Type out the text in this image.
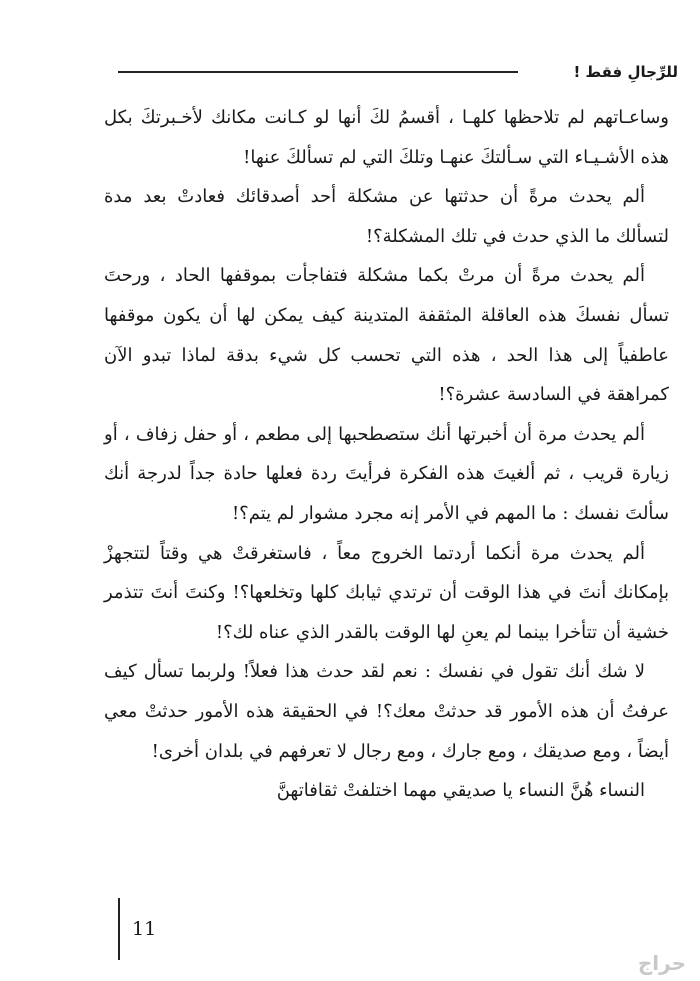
للرِّجالِ فقط !

وساعـاتهم لم تلاحظها كلهـا ، أقسمُ لكَ أنها لو كـانت مكانك لأخـبرتكَ بكل هذه الأشـيـاء التي سـألتكَ عنهـا وتلكَ التي لم تسألكَ عنها!

ألم يحدث مرةً أن حدثتها عن مشكلة أحد أصدقائك فعادتْ بعد مدة لتسألك ما الذي حدث في تلك المشكلة؟!

ألم يحدث مرةً أن مرتْ بكما مشكلة فتفاجأت بموقفها الحاد ، ورحتَ تسأل نفسكَ هذه العاقلة المثقفة المتدينة كيف يمكن لها أن يكون موقفها عاطفياً إلى هذا الحد ، هذه التي تحسب كل شيء بدقة لماذا تبدو الآن كمراهقة في السادسة عشرة؟!

ألم يحدث مرة أن أخبرتها أنك ستصطحبها إلى مطعم ، أو حفل زفاف ، أو زيارة قريب ، ثم ألغيتَ هذه الفكرة فرأيتَ ردة فعلها حادة جداً لدرجة أنك سألتَ نفسك : ما المهم في الأمر إنه مجرد مشوار لم يتم؟!

ألم يحدث مرة أنكما أردتما الخروج معاً ، فاستغرقتْ هي وقتاً لتتجهزْ بإمكانك أنتَ في هذا الوقت أن ترتدي ثيابك كلها وتخلعها؟! وكنتَ أنتَ تتذمر خشية أن تتأخرا بينما لم يعنِ لها الوقت بالقدر الذي عناه لك؟!

لا شك أنك تقول في نفسك : نعم لقد حدث هذا فعلاً! ولربما تسأل كيف عرفتُ أن هذه الأمور قد حدثتْ معك؟! في الحقيقة هذه الأمور حدثتْ معي أيضاً ، ومع صديقك ، ومع جارك ، ومع رجال لا تعرفهم في بلدان أخرى!

النساء هُنَّ النساء يا صديقي مهما اختلفتْ ثقافاتهنَّ

11
حراج
